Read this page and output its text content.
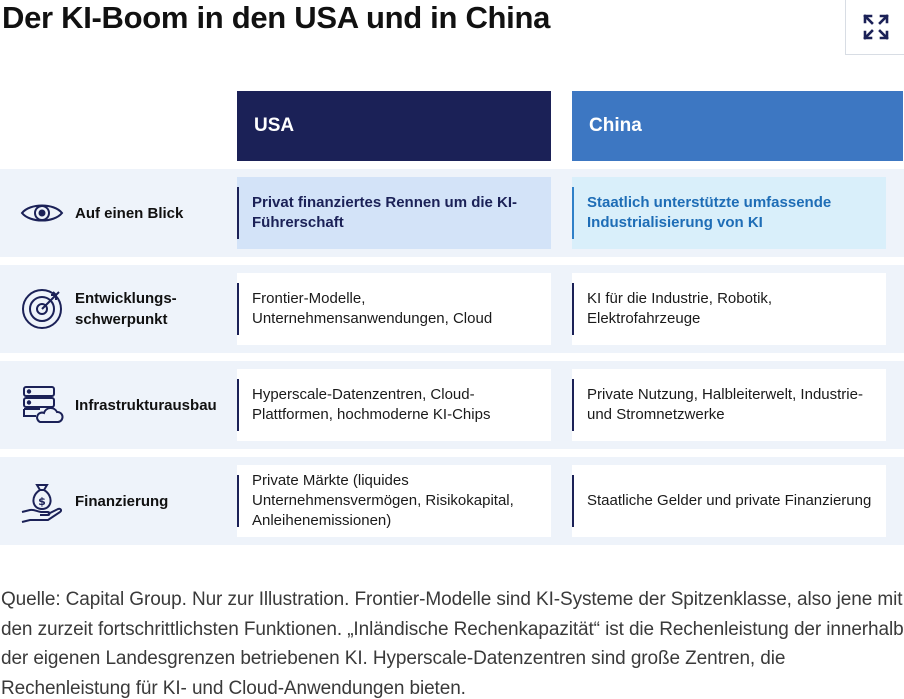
Der KI-Boom in den USA und in China
USA	China
Auf einen Blick
Privat finanziertes Rennen um die KI-Führerschaft
Staatlich unterstützte umfassende Industrialisierung von KI
Entwicklungs-schwerpunkt
Frontier-Modelle, Unternehmensanwendungen, Cloud
KI für die Industrie, Robotik, Elektrofahrzeuge
Infrastrukturausbau
Hyperscale-Datenzentren, Cloud-Plattformen, hochmoderne KI-Chips
Private Nutzung, Halbleiterwelt, Industrie- und Stromnetzwerke
$ Finanzierung
Private Märkte (liquides Unternehmensvermögen, Risikokapital, Anleihenemissionen)
Staatliche Gelder und private Finanzierung
Quelle: Capital Group. Nur zur Illustration. Frontier-Modelle sind KI-Systeme der Spitzenklasse, also jene mit den zurzeit fortschrittlichsten Funktionen. „Inländische Rechenkapazität“ ist die Rechenleistung der innerhalb der eigenen Landesgrenzen betriebenen KI. Hyperscale-Datenzentren sind große Zentren, die Rechenleistung für KI- und Cloud-Anwendungen bieten.
